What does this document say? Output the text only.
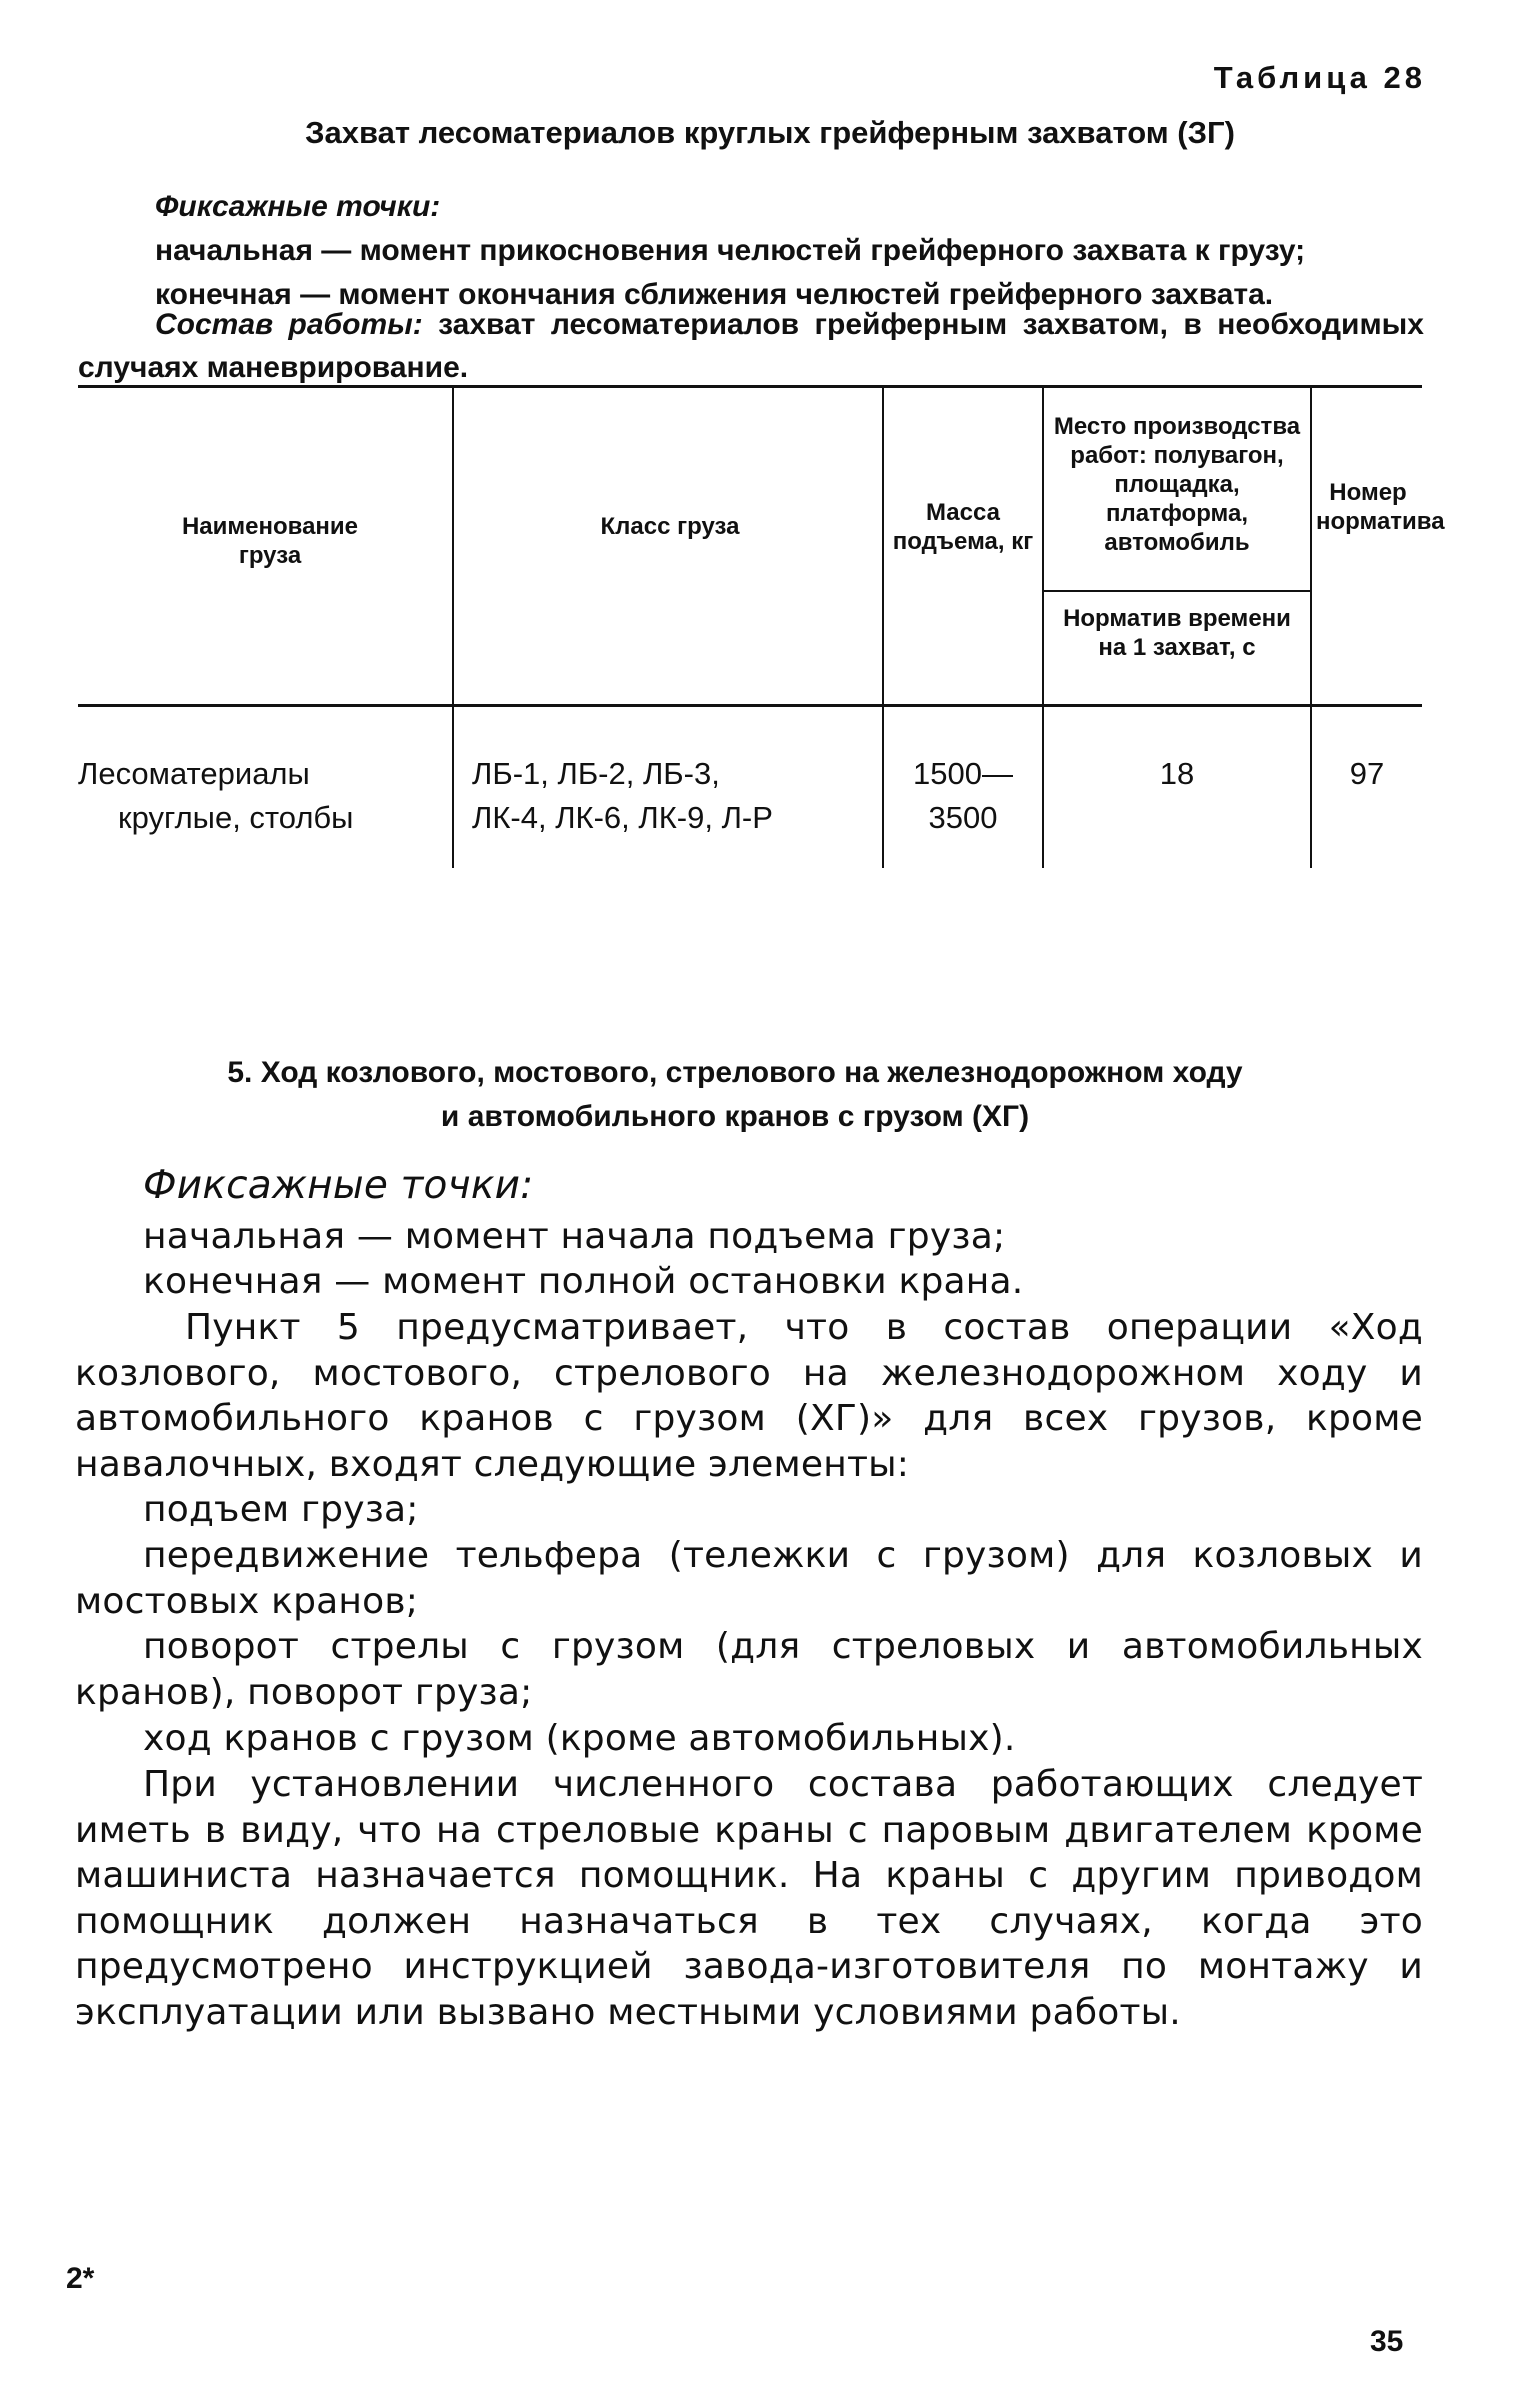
Таблица 28
Захват лесоматериалов круглых грейферным захватом (ЗГ)
Фиксажные точки:
начальная — момент прикосновения челюстей грейферного захвата к грузу;
конечная — момент окончания сближения челюстей грейферного захвата.
Состав работы: захват лесоматериалов грейферным захватом, в необходимых случаях маневрирование.
Наименование груза
Класс груза
Масса подъема, кг
Место производства работ: полувагон, площадка, платформа, автомобиль
Норматив времени на 1 захват, с
Номер норматива
Лесоматериалы
круглые, столбы
ЛБ-1, ЛБ-2, ЛБ-3,
ЛК-4, ЛК-6, ЛК-9, Л-Р
1500—
3500
18	97
5. Ход козлового, мостового, стрелового на железнодорожном ходу
и автомобильного кранов с грузом (ХГ)
Фиксажные точки:
начальная — момент начала подъема груза;
конечная — момент полной остановки крана.
Пункт 5 предусматривает, что в состав операции «Ход козлового, мостового, стрелового на железнодорожном ходу и автомобильного кранов с грузом (ХГ)» для всех грузов, кроме навалочных, входят следующие элементы:
подъем груза;
передвижение тельфера (тележки с грузом) для козловых и мостовых кранов;
поворот стрелы с грузом (для стреловых и автомобильных кранов), поворот груза;
ход кранов с грузом (кроме автомобильных).
При установлении численного состава работающих следует иметь в виду, что на стреловые краны с паровым двигателем кроме машиниста назначается помощник. На краны с другим приводом помощник должен назначаться в тех случаях, когда это предусмотрено инструкцией завода-изготовителя по монтажу и эксплуатации или вызвано местными условиями работы.
2*
35
